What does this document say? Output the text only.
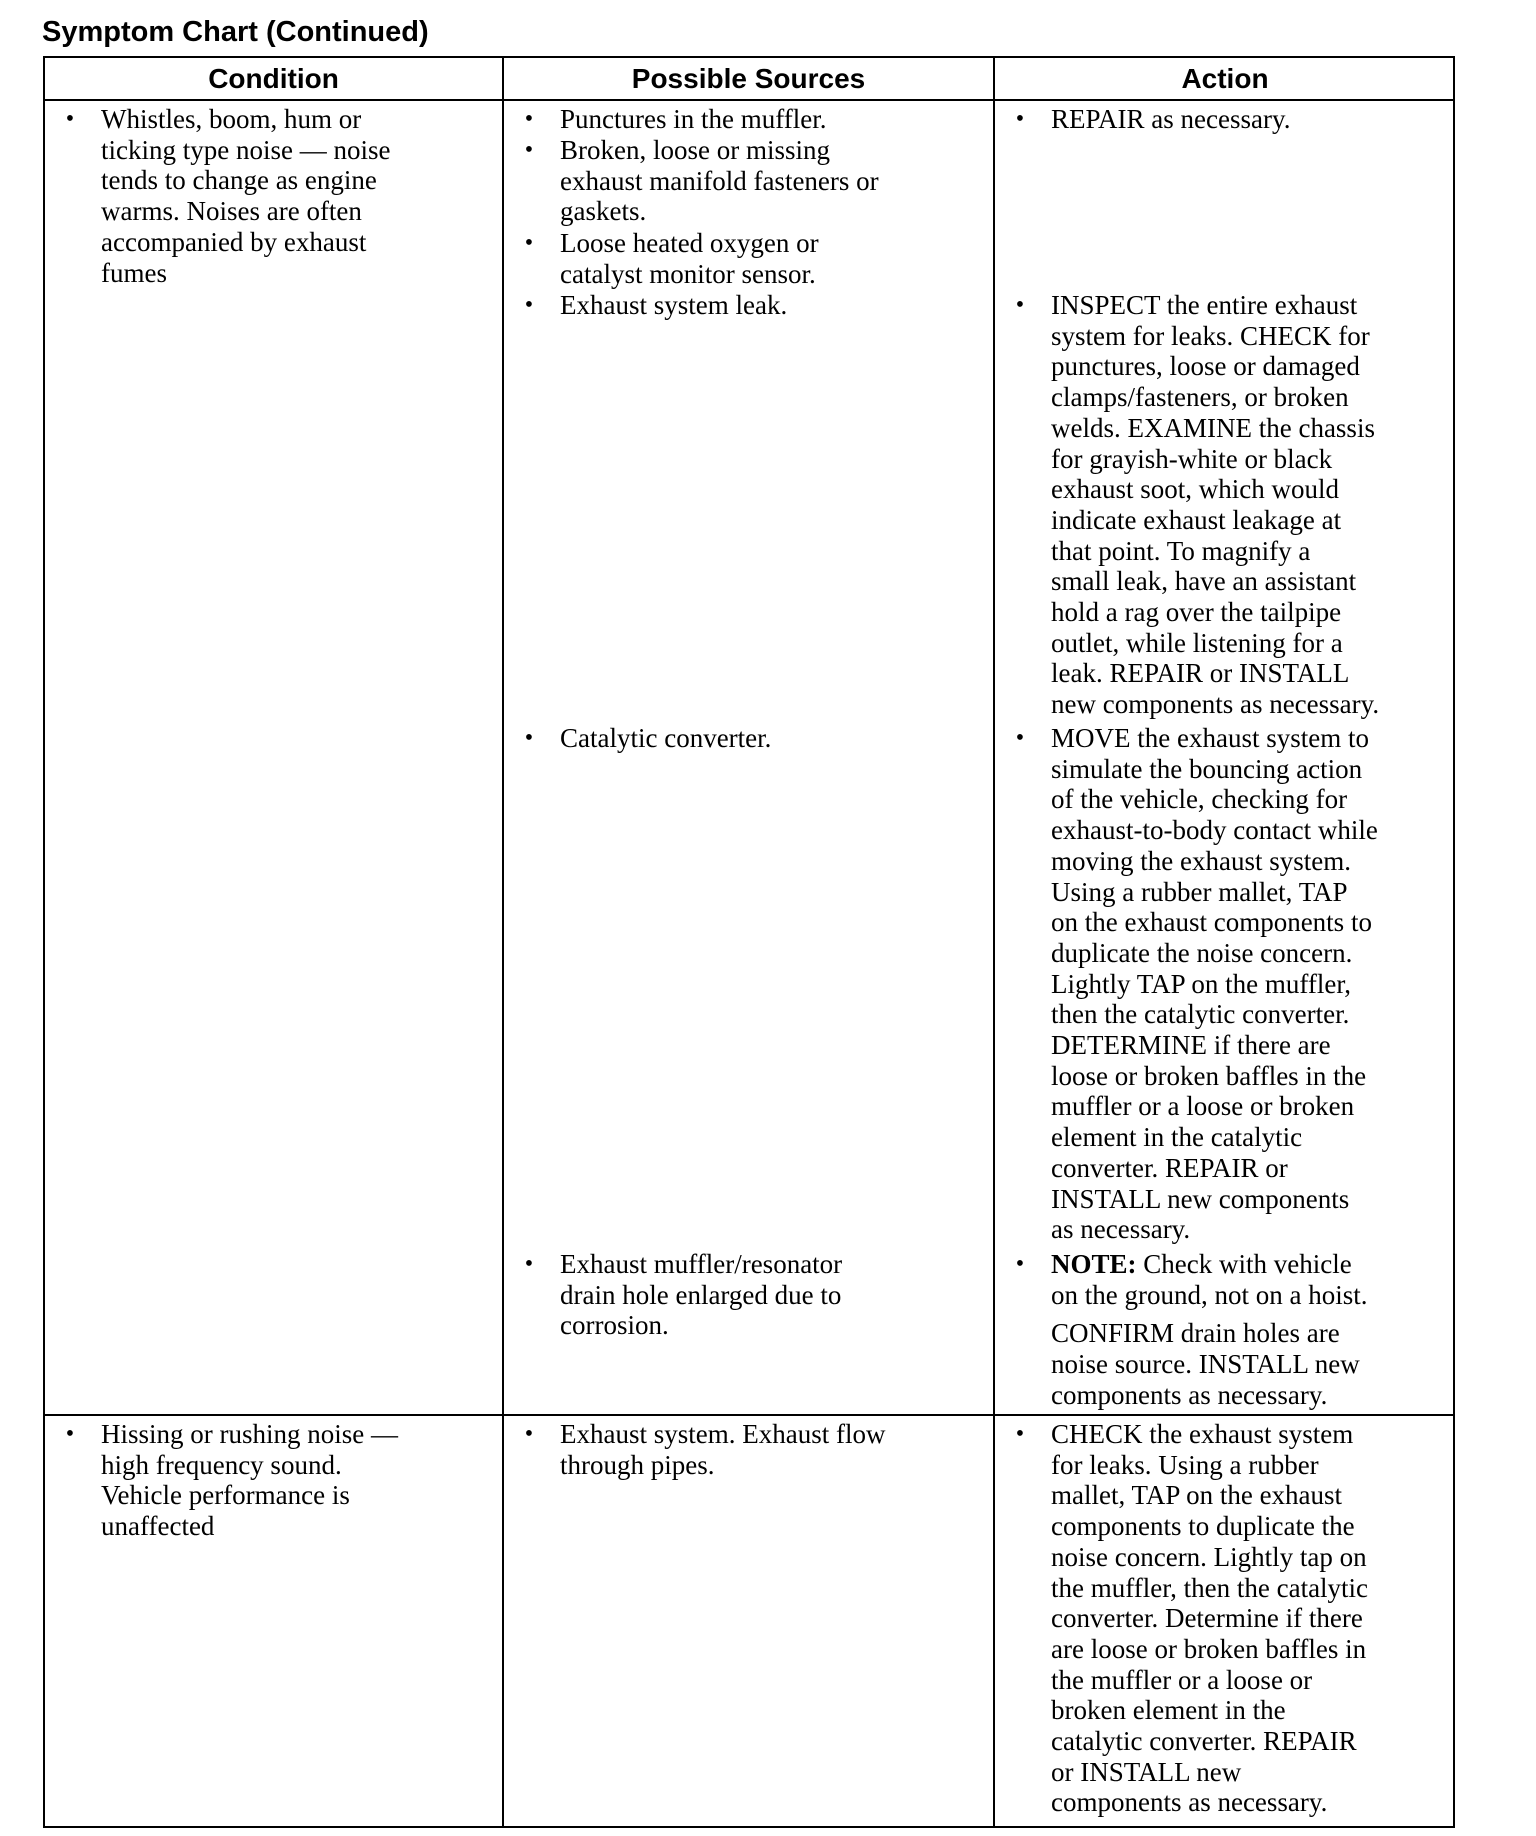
Symptom Chart (Continued)
Condition	Possible Sources	Action

• Whistles, boom, hum or
ticking type noise — noise
tends to change as engine
warms. Noises are often
accompanied by exhaust
fumes

• Punctures in the muffler.

• Broken, loose or missing
exhaust manifold fasteners or
gaskets.

• Loose heated oxygen or
catalyst monitor sensor.

• Exhaust system leak.

• Catalytic converter.

• Exhaust muffler/resonator
drain hole enlarged due to
corrosion.

• REPAIR as necessary.

• INSPECT the entire exhaust
system for leaks. CHECK for
punctures, loose or damaged
clamps/fasteners, or broken
welds. EXAMINE the chassis
for grayish-white or black
exhaust soot, which would
indicate exhaust leakage at
that point. To magnify a
small leak, have an assistant
hold a rag over the tailpipe
outlet, while listening for a
leak. REPAIR or INSTALL
new components as necessary.

• MOVE the exhaust system to
simulate the bouncing action
of the vehicle, checking for
exhaust-to-body contact while
moving the exhaust system.
Using a rubber mallet, TAP
on the exhaust components to
duplicate the noise concern.
Lightly TAP on the muffler,
then the catalytic converter.
DETERMINE if there are
loose or broken baffles in the
muffler or a loose or broken
element in the catalytic
converter. REPAIR or
INSTALL new components
as necessary.

• NOTE: Check with vehicle
on the ground, not on a hoist.
CONFIRM drain holes are
noise source. INSTALL new
components as necessary.

• Hissing or rushing noise —
high frequency sound.
Vehicle performance is
unaffected

• Exhaust system. Exhaust flow
through pipes.

• CHECK the exhaust system
for leaks. Using a rubber
mallet, TAP on the exhaust
components to duplicate the
noise concern. Lightly tap on
the muffler, then the catalytic
converter. Determine if there
are loose or broken baffles in
the muffler or a loose or
broken element in the
catalytic converter. REPAIR
or INSTALL new
components as necessary.
